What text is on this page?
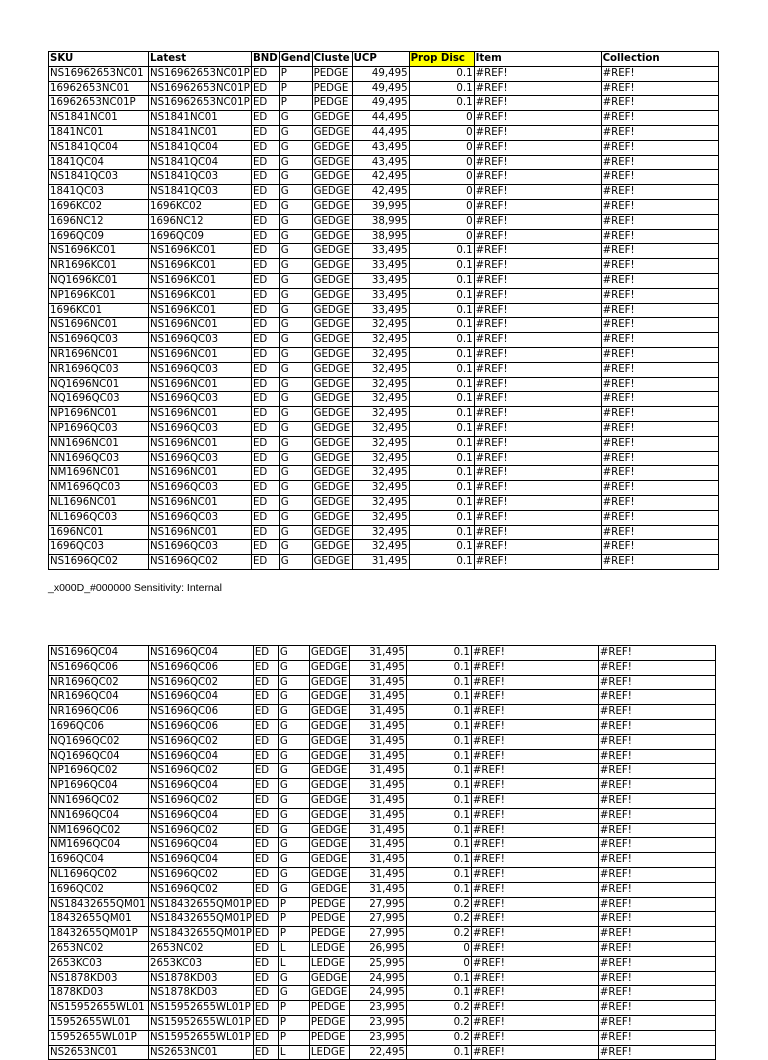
SKU	Latest	BND	Gend	Cluste	UCP	Prop Disc	Item	Collection
NS16962653NC01	NS16962653NC01P	ED	P	PEDGE	49,495	0.1	#REF!	#REF!
16962653NC01	NS16962653NC01P	ED	P	PEDGE	49,495	0.1	#REF!	#REF!
16962653NC01P	NS16962653NC01P	ED	P	PEDGE	49,495	0.1	#REF!	#REF!
NS1841NC01	NS1841NC01	ED	G	GEDGE	44,495	0	#REF!	#REF!
1841NC01	NS1841NC01	ED	G	GEDGE	44,495	0	#REF!	#REF!
NS1841QC04	NS1841QC04	ED	G	GEDGE	43,495	0	#REF!	#REF!
1841QC04	NS1841QC04	ED	G	GEDGE	43,495	0	#REF!	#REF!
NS1841QC03	NS1841QC03	ED	G	GEDGE	42,495	0	#REF!	#REF!
1841QC03	NS1841QC03	ED	G	GEDGE	42,495	0	#REF!	#REF!
1696KC02	1696KC02	ED	G	GEDGE	39,995	0	#REF!	#REF!
1696NC12	1696NC12	ED	G	GEDGE	38,995	0	#REF!	#REF!
1696QC09	1696QC09	ED	G	GEDGE	38,995	0	#REF!	#REF!
NS1696KC01	NS1696KC01	ED	G	GEDGE	33,495	0.1	#REF!	#REF!
NR1696KC01	NS1696KC01	ED	G	GEDGE	33,495	0.1	#REF!	#REF!
NQ1696KC01	NS1696KC01	ED	G	GEDGE	33,495	0.1	#REF!	#REF!
NP1696KC01	NS1696KC01	ED	G	GEDGE	33,495	0.1	#REF!	#REF!
1696KC01	NS1696KC01	ED	G	GEDGE	33,495	0.1	#REF!	#REF!
NS1696NC01	NS1696NC01	ED	G	GEDGE	32,495	0.1	#REF!	#REF!
NS1696QC03	NS1696QC03	ED	G	GEDGE	32,495	0.1	#REF!	#REF!
NR1696NC01	NS1696NC01	ED	G	GEDGE	32,495	0.1	#REF!	#REF!
NR1696QC03	NS1696QC03	ED	G	GEDGE	32,495	0.1	#REF!	#REF!
NQ1696NC01	NS1696NC01	ED	G	GEDGE	32,495	0.1	#REF!	#REF!
NQ1696QC03	NS1696QC03	ED	G	GEDGE	32,495	0.1	#REF!	#REF!
NP1696NC01	NS1696NC01	ED	G	GEDGE	32,495	0.1	#REF!	#REF!
NP1696QC03	NS1696QC03	ED	G	GEDGE	32,495	0.1	#REF!	#REF!
NN1696NC01	NS1696NC01	ED	G	GEDGE	32,495	0.1	#REF!	#REF!
NN1696QC03	NS1696QC03	ED	G	GEDGE	32,495	0.1	#REF!	#REF!
NM1696NC01	NS1696NC01	ED	G	GEDGE	32,495	0.1	#REF!	#REF!
NM1696QC03	NS1696QC03	ED	G	GEDGE	32,495	0.1	#REF!	#REF!
NL1696NC01	NS1696NC01	ED	G	GEDGE	32,495	0.1	#REF!	#REF!
NL1696QC03	NS1696QC03	ED	G	GEDGE	32,495	0.1	#REF!	#REF!
1696NC01	NS1696NC01	ED	G	GEDGE	32,495	0.1	#REF!	#REF!
1696QC03	NS1696QC03	ED	G	GEDGE	32,495	0.1	#REF!	#REF!
NS1696QC02	NS1696QC02	ED	G	GEDGE	31,495	0.1	#REF!	#REF!
_x000D_#000000 Sensitivity: Internal
NS1696QC04	NS1696QC04	ED	G	GEDGE	31,495	0.1	#REF!	#REF!
NS1696QC06	NS1696QC06	ED	G	GEDGE	31,495	0.1	#REF!	#REF!
NR1696QC02	NS1696QC02	ED	G	GEDGE	31,495	0.1	#REF!	#REF!
NR1696QC04	NS1696QC04	ED	G	GEDGE	31,495	0.1	#REF!	#REF!
NR1696QC06	NS1696QC06	ED	G	GEDGE	31,495	0.1	#REF!	#REF!
1696QC06	NS1696QC06	ED	G	GEDGE	31,495	0.1	#REF!	#REF!
NQ1696QC02	NS1696QC02	ED	G	GEDGE	31,495	0.1	#REF!	#REF!
NQ1696QC04	NS1696QC04	ED	G	GEDGE	31,495	0.1	#REF!	#REF!
NP1696QC02	NS1696QC02	ED	G	GEDGE	31,495	0.1	#REF!	#REF!
NP1696QC04	NS1696QC04	ED	G	GEDGE	31,495	0.1	#REF!	#REF!
NN1696QC02	NS1696QC02	ED	G	GEDGE	31,495	0.1	#REF!	#REF!
NN1696QC04	NS1696QC04	ED	G	GEDGE	31,495	0.1	#REF!	#REF!
NM1696QC02	NS1696QC02	ED	G	GEDGE	31,495	0.1	#REF!	#REF!
NM1696QC04	NS1696QC04	ED	G	GEDGE	31,495	0.1	#REF!	#REF!
1696QC04	NS1696QC04	ED	G	GEDGE	31,495	0.1	#REF!	#REF!
NL1696QC02	NS1696QC02	ED	G	GEDGE	31,495	0.1	#REF!	#REF!
1696QC02	NS1696QC02	ED	G	GEDGE	31,495	0.1	#REF!	#REF!
NS18432655QM01	NS18432655QM01P	ED	P	PEDGE	27,995	0.2	#REF!	#REF!
18432655QM01	NS18432655QM01P	ED	P	PEDGE	27,995	0.2	#REF!	#REF!
18432655QM01P	NS18432655QM01P	ED	P	PEDGE	27,995	0.2	#REF!	#REF!
2653NC02	2653NC02	ED	L	LEDGE	26,995	0	#REF!	#REF!
2653KC03	2653KC03	ED	L	LEDGE	25,995	0	#REF!	#REF!
NS1878KD03	NS1878KD03	ED	G	GEDGE	24,995	0.1	#REF!	#REF!
1878KD03	NS1878KD03	ED	G	GEDGE	24,995	0.1	#REF!	#REF!
NS15952655WL01	NS15952655WL01P	ED	P	PEDGE	23,995	0.2	#REF!	#REF!
15952655WL01	NS15952655WL01P	ED	P	PEDGE	23,995	0.2	#REF!	#REF!
15952655WL01P	NS15952655WL01P	ED	P	PEDGE	23,995	0.2	#REF!	#REF!
NS2653NC01	NS2653NC01	ED	L	LEDGE	22,495	0.1	#REF!	#REF!
